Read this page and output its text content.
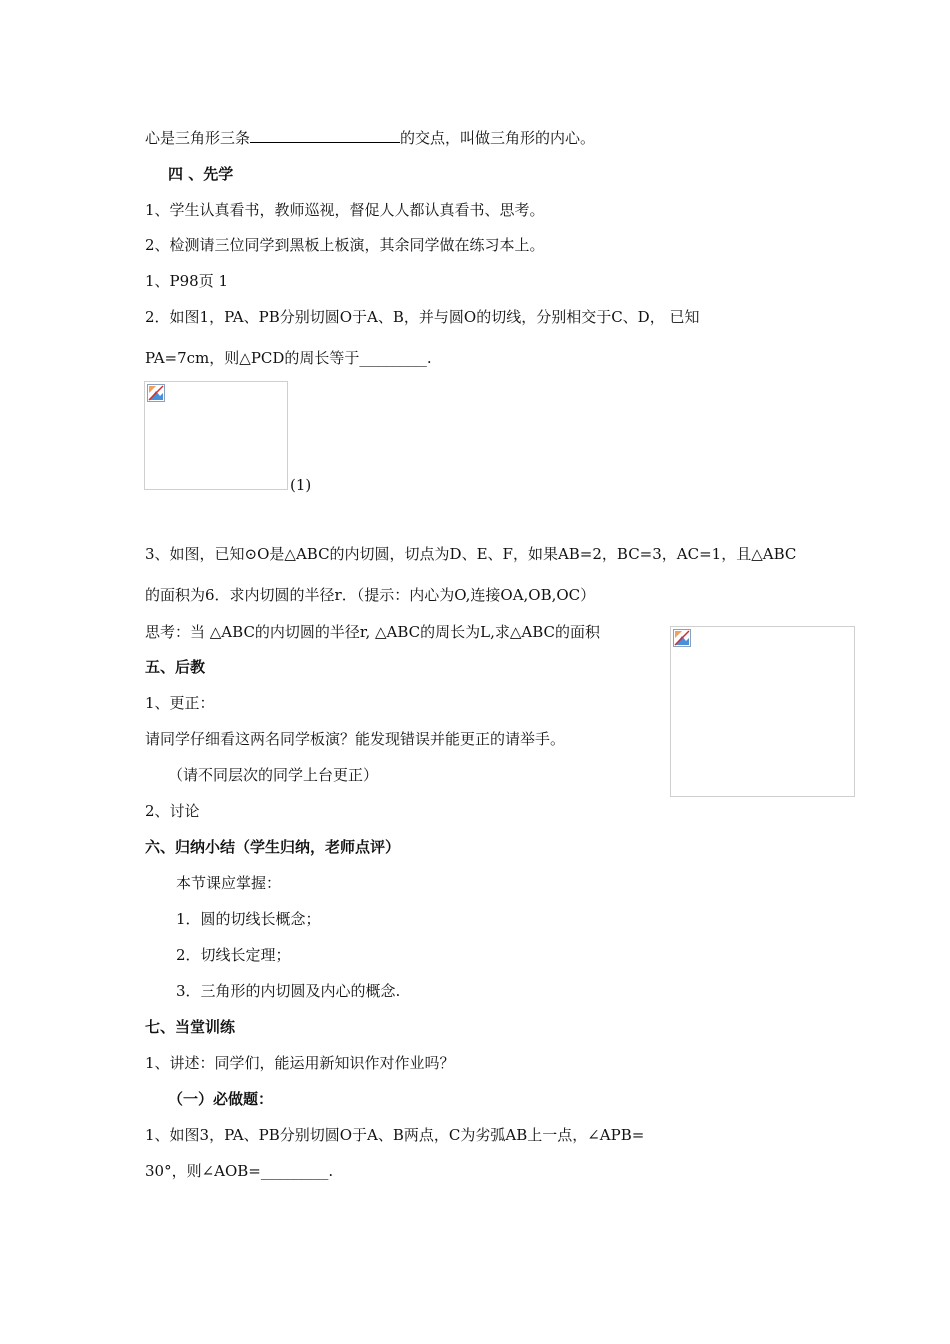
心是三角形三条	的交点，叫做三角形的内心。
四 、先学
1、学生认真看书，教师巡视，督促人人都认真看书、思考。
2、检测请三位同学到黑板上板演，其余同学做在练习本上。
1、P98页 1
2．如图1，PA、PB分别切圆O于A、B，并与圆O的切线，分别相交于C、D， 已知
PA=7cm，则△PCD的周长等于_________.
(1)
3、如图，已知⊙O是△ABC的内切圆，切点为D、E、F，如果AB=2，BC=3，AC=1，且△ABC
的面积为6．求内切圆的半径r．（提示：内心为O,连接OA,OB,OC）
思考：当 △ABC的内切圆的半径r, △ABC的周长为L,求△ABC的面积
五、后教
1、更正：
请同学仔细看这两名同学板演？能发现错误并能更正的请举手。
（请不同层次的同学上台更正）
2、讨论
六、归纳小结（学生归纳，老师点评）
本节课应掌握：
1．圆的切线长概念；
2．切线长定理；
3．三角形的内切圆及内心的概念.
七、当堂训练
1、讲述：同学们，能运用新知识作对作业吗？
（一）必做题：
1、如图3，PA、PB分别切圆O于A、B两点，C为劣弧AB上一点，∠APB=
30°，则∠AOB=_________.
